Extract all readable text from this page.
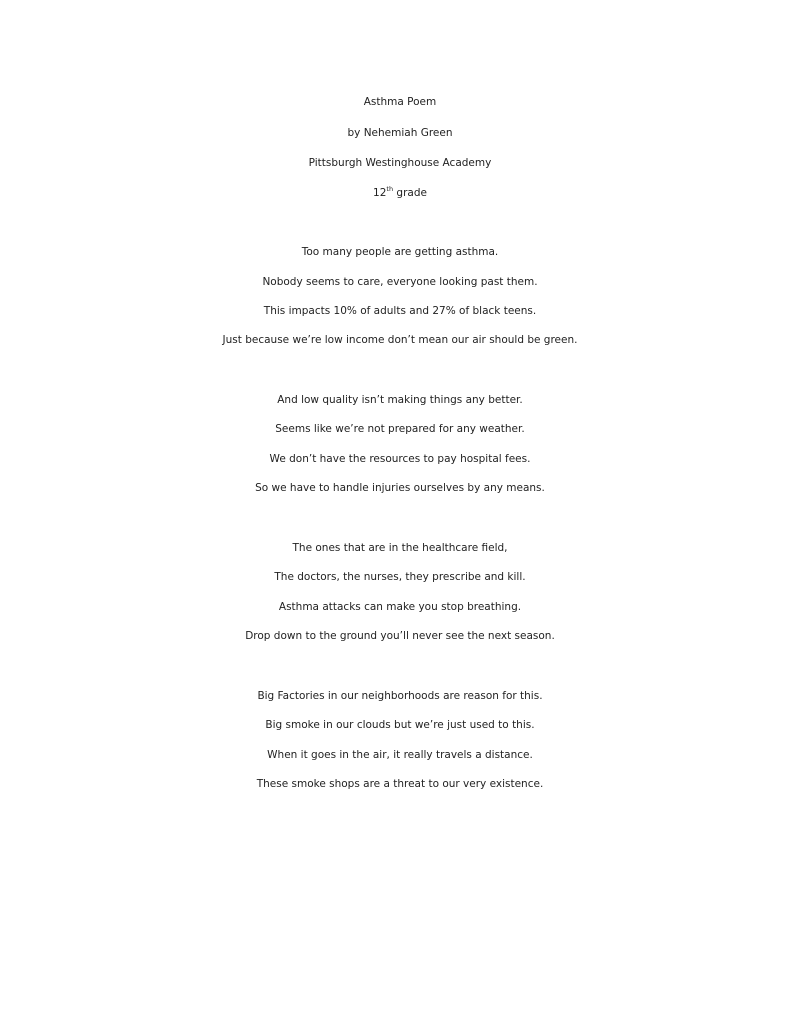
Asthma Poem
by Nehemiah Green
Pittsburgh Westinghouse Academy
12th grade
Too many people are getting asthma.
Nobody seems to care, everyone looking past them.
This impacts 10% of adults and 27% of black teens.
Just because we’re low income don’t mean our air should be green.
And low quality isn’t making things any better.
Seems like we’re not prepared for any weather.
We don’t have the resources to pay hospital fees.
So we have to handle injuries ourselves by any means.
The ones that are in the healthcare field,
The doctors, the nurses, they prescribe and kill.
Asthma attacks can make you stop breathing.
Drop down to the ground you’ll never see the next season.
Big Factories in our neighborhoods are reason for this.
Big smoke in our clouds but we’re just used to this.
When it goes in the air, it really travels a distance.
These smoke shops are a threat to our very existence.
